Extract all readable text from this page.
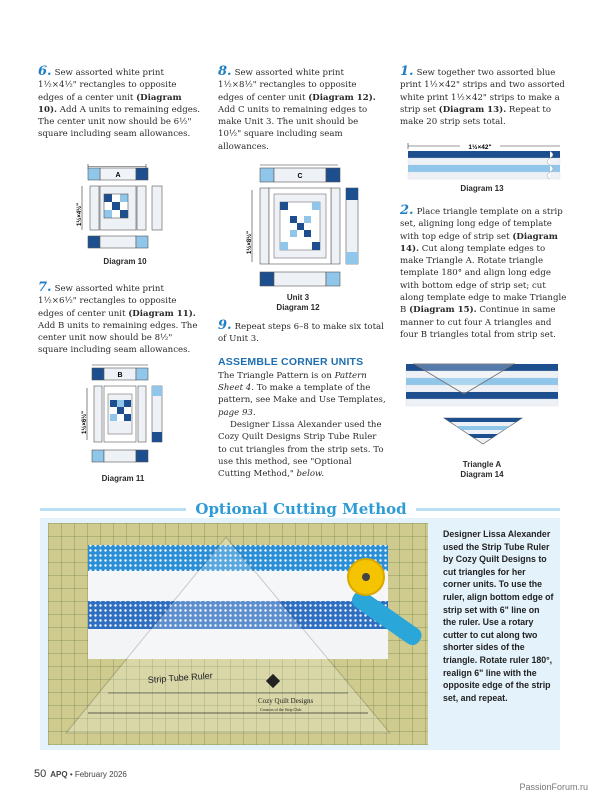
6. Sew assorted white print 1½×4½" rectangles to opposite edges of a center unit (Diagram 10). Add A units to remaining edges. The center unit now should be 6½" square including seam allowances.

A
1½×4½"
Diagram 10

7. Sew assorted white print 1½×6½" rectangles to opposite edges of center unit (Diagram 11). Add B units to remaining edges. The center unit now should be 8½" square including seam allowances.

B
1½×6½"
Diagram 11

8. Sew assorted white print 1½×8½" rectangles to opposite edges of center unit (Diagram 12). Add C units to remaining edges to make Unit 3. The unit should be 10½" square including seam allowances.

C
1½×8½"
Unit 3
Diagram 12

9. Repeat steps 6–8 to make six total of Unit 3.

ASSEMBLE CORNER UNITS

The Triangle Pattern is on Pattern Sheet 4. To make a template of the pattern, see Make and Use Templates, page 93.

Designer Lissa Alexander used the Cozy Quilt Designs Strip Tube Ruler to cut triangles from the strip sets. To use this method, see "Optional Cutting Method," below.

1. Sew together two assorted blue print 1½×42" strips and two assorted white print 1½×42" strips to make a strip set (Diagram 13). Repeat to make 20 strip sets total.

1½×42"
Diagram 13

2. Place triangle template on a strip set, aligning long edge of template with top edge of strip set (Diagram 14). Cut along template edges to make Triangle A. Rotate triangle template 180° and align long edge with bottom edge of strip set; cut along template edge to make Triangle B (Diagram 15). Continue in same manner to cut four A triangles and four B triangles total from strip set.

Triangle A
Diagram 14
Optional Cutting Method
Strip Tube Ruler
Cozy Quilt Designs
Creators of the Strip Club
Designer Lissa Alexander used the Strip Tube Ruler by Cozy Quilt Designs to cut triangles for her corner units. To use the ruler, align bottom edge of strip set with 6" line on the ruler. Use a rotary cutter to cut along two shorter sides of the triangle. Rotate ruler 180°, realign 6" line with the opposite edge of the strip set, and repeat.
50 APQ • February 2026
PassionForum.ru
